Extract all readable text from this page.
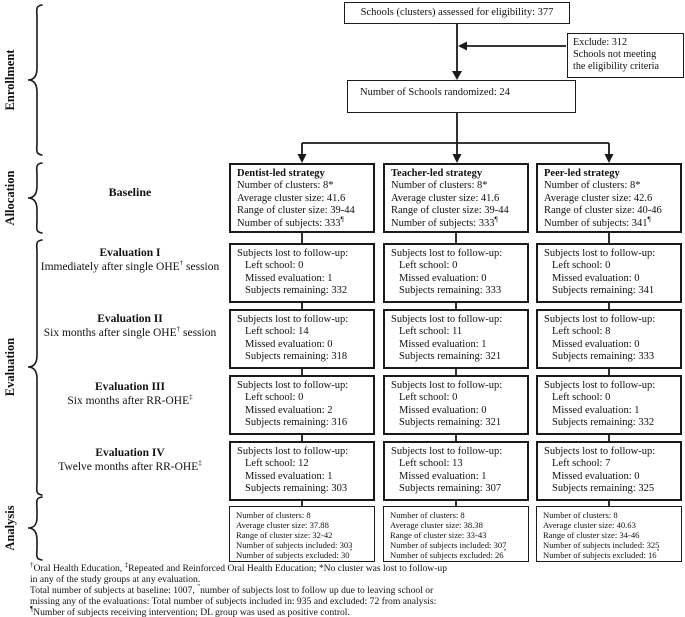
Enrollment
Allocation
Evaluation
Analysis
Schools (clusters) assessed for eligibility: 377
Exclude: 312
Schools not meeting
the eligibility criteria
Number of Schools randomized: 24
Baseline
Dentist-led strategy
Number of clusters: 8*
Average cluster size: 41.6
Range of cluster size: 39-44
Number of subjects: 333¶
Teacher-led strategy
Number of clusters: 8*
Average cluster size: 41.6
Range of cluster size: 39-44
Number of subjects: 333¶
Peer-led strategy
Number of clusters: 8*
Average cluster size: 42.6
Range of cluster size: 40-46
Number of subjects: 341¶
Evaluation I
Immediately after single OHE† session
Evaluation II
Six months after single OHE† session
Evaluation III
Six months after RR-OHE‡
Evaluation IV
Twelve months after RR-OHE‡
Subjects lost to follow-up:
Left school: 0
Missed evaluation: 1
Subjects remaining: 332
Subjects lost to follow-up:
Left school: 0
Missed evaluation: 0
Subjects remaining: 333
Subjects lost to follow-up:
Left school: 0
Missed evaluation: 0
Subjects remaining: 341
Subjects lost to follow-up:
Left school: 14
Missed evaluation: 0
Subjects remaining: 318
Subjects lost to follow-up:
Left school: 11
Missed evaluation: 1
Subjects remaining: 321
Subjects lost to follow-up:
Left school: 8
Missed evaluation: 0
Subjects remaining: 333
Subjects lost to follow-up:
Left school: 0
Missed evaluation: 2
Subjects remaining: 316
Subjects lost to follow-up:
Left school: 0
Missed evaluation: 0
Subjects remaining: 321
Subjects lost to follow-up:
Left school: 0
Missed evaluation: 1
Subjects remaining: 332
Subjects lost to follow-up:
Left school: 12
Missed evaluation: 1
Subjects remaining: 303
Subjects lost to follow-up:
Left school: 13
Missed evaluation: 1
Subjects remaining: 307
Subjects lost to follow-up:
Left school: 7
Missed evaluation: 0
Subjects remaining: 325
Number of clusters: 8
Average cluster size: 37.88
Range of cluster size: 32-42
Number of subjects included: 303
Number of subjects excluded: 30″
Number of clusters: 8
Average cluster size: 38.38
Range of cluster size: 33-43
Number of subjects included: 307
Number of subjects excluded: 26″
Number of clusters: 8
Average cluster size: 40.63
Range of cluster size: 34-46
Number of subjects included: 325
Number of subjects excluded: 16″
†Oral Health Education, ‡Repeated and Reinforced Oral Health Education; *No cluster was lost to follow-up
in any of the study groups at any evaluation.
Total number of subjects at baseline: 1007, ″number of subjects lost to follow up due to leaving school or
missing any of the evaluations: Total number of subjects included in: 935 and excluded: 72 from analysis:
¶Number of subjects receiving intervention; DL group was used as positive control.
